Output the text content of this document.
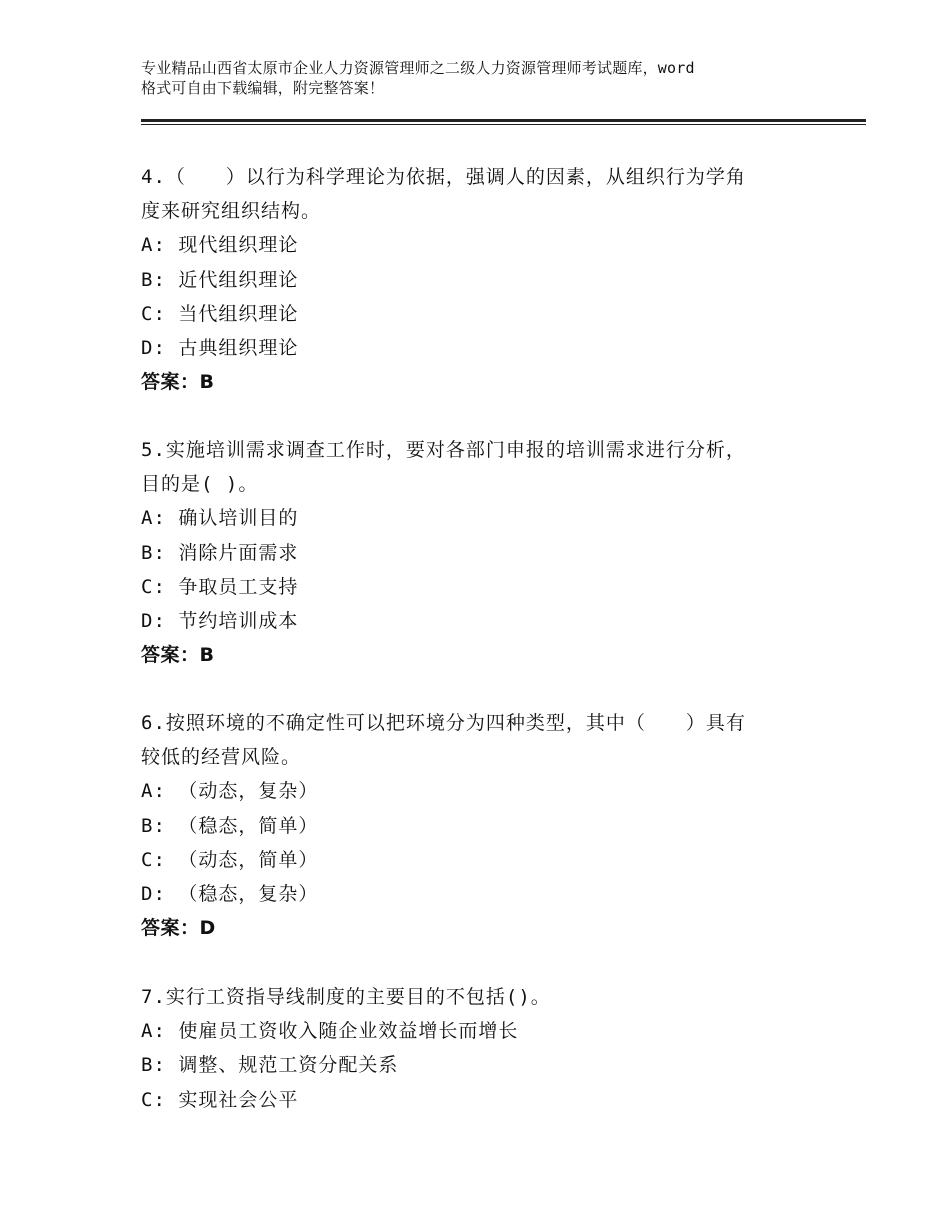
专业精品山西省太原市企业人力资源管理师之二级人力资源管理师考试题库，word
格式可自由下载编辑，附完整答案！
4.（　　）以行为科学理论为依据，强调人的因素，从组织行为学角
度来研究组织结构。
A: 现代组织理论
B: 近代组织理论
C: 当代组织理论
D: 古典组织理论
答案：B
5.实施培训需求调查工作时，要对各部门申报的培训需求进行分析，
目的是( )。
A: 确认培训目的
B: 消除片面需求
C: 争取员工支持
D: 节约培训成本
答案：B
6.按照环境的不确定性可以把环境分为四种类型，其中（　　）具有
较低的经营风险。
A: （动态，复杂）
B: （稳态，简单）
C: （动态，简单）
D: （稳态，复杂）
答案：D
7.实行工资指导线制度的主要目的不包括()。
A: 使雇员工资收入随企业效益增长而增长
B: 调整、规范工资分配关系
C: 实现社会公平
